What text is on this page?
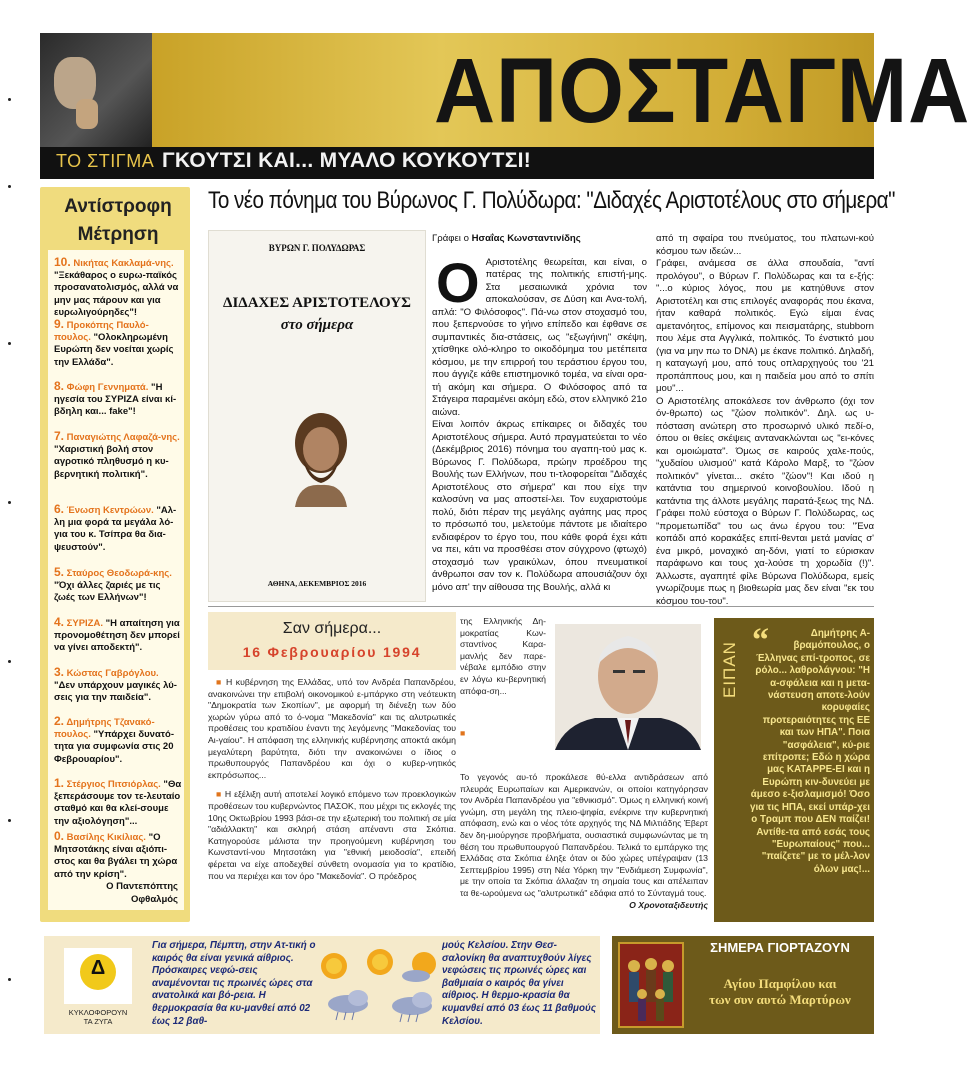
ΑΠΟΣΤΑΓΜΑ
ΤΟ ΣΤΙΓΜΑ ΓΚΟΥΤΣΙ ΚΑΙ... ΜΥΑΛΟ ΚΟΥΚΟΥΤΣΙ!
Αντίστροφη
Μέτρηση
10. Νικήτας Κακλαμά-νης. "Ξεκάθαρος ο ευρω-παϊκός προσανατολισμός, αλλά να μην μας πάρουν και για ευρωλιγούρηδες"!
9. Προκόπης Παυλό-πουλος. "Ολοκληρωμένη Ευρώπη δεν νοείται χωρίς την Ελλάδα".
8. Φώφη Γεννηματά. "Η ηγεσία του ΣΥΡΙΖΑ είναι κί-βδηλη και... fake"!
7. Παναγιώτης Λαφαζά-νης. "Χαριστική βολή στον αγροτικό πληθυσμό η κυ-βερνητική πολιτική".
6. Ένωση Κεντρώων. "Αλ-λη μια φορά τα μεγάλα λό-για του κ. Τσίπρα θα δια-ψευστούν".
5. Σταύρος Θεοδωρά-κης. "Όχι άλλες ζαριές με τις ζωές των Ελλήνων"!
4. ΣΥΡΙΖΑ. "Η απαίτηση για προνομοθέτηση δεν μπορεί να γίνει αποδεκτή".
3. Κώστας Γαβρόγλου. "Δεν υπάρχουν μαγικές λύ-σεις για την παιδεία".
2. Δημήτρης Τζανακό-πουλος. "Υπάρχει δυνατό-τητα για συμφωνία στις 20 Φεβρουαρίου".
1. Στέργιος Πιτσιόρλας. "Θα ξεπεράσουμε τον τε-λευταίο σταθμό και θα κλεί-σουμε την αξιολόγηση"...
0. Βασίλης Κικίλιας. "Ο Μητσοτάκης είναι αξιόπι-στος και θα βγάλει τη χώρα από την κρίση".
Ο Παντεπόπτης
Οφθαλμός
Το νέο πόνημα του Βύρωνος Γ. Πολύδωρα: "Διδαχές Αριστοτέλους στο σήμερα"
ΒΥΡΩΝ Γ. ΠΟΛΥΔΩΡΑΣ
ΔΙΔΑΧΕΣ ΑΡΙΣΤΟΤΕΛΟΥΣ
στο σήμερα
ΑΘΗΝΑ, ΔΕΚΕΜΒΡΙΟΣ 2016
Γράφει ο Ησαΐας Κωνσταντινίδης
Ο Αριστοτέλης θεωρείται, και είναι, ο πατέρας της πολιτικής επιστή-μης. Στα μεσαιωνικά χρόνια τον αποκαλούσαν, σε Δύση και Ανα-τολή, απλά: "Ο Φιλόσοφος". Πά-νω στον στοχασμό του, που ξεπερνούσε το γήινο επίπεδο και έφθανε σε συμπαντικές δια-στάσεις, ως "εξωγήινη" σκέψη, χτίσθηκε ολό-κληρο το οικοδόμημα του μετέπειτα κόσμου, με την επιρροή του τεράστιου έργου του, που άγγιζε κάθε επιστημονικό τομέα, να είναι ορα-τή ακόμη και σήμερα. Ο Φιλόσοφος από τα Στάγειρα παραμένει ακόμη εδώ, στον ελληνικό 21ο αιώνα.

Είναι λοιπόν άκρως επίκαιρες οι διδαχές του Αριστοτέλους σήμερα. Αυτό πραγματεύεται το νέο (Δεκέμβριος 2016) πόνημα του αγαπη-τού μας κ. Βύρωνος Γ. Πολύδωρα, πρώην προέδρου της Βουλής των Ελλήνων, που τι-τλοφορείται "Διδαχές Αριστοτέλους στο σήμερα" και που είχε την καλοσύνη να μας αποστεί-λει. Τον ευχαριστούμε πολύ, διότι πέραν της μεγάλης αγάπης μας προς το πρόσωπό του, μελετούμε πάντοτε με ιδιαίτερο ενδιαφέρον το έργο του, που κάθε φορά έχει κάτι να πει, κάτι να προσθέσει στον σύγχρονο (φτωχό) στοχασμό των γραικύλων, όπου πνευματικοί άνθρωποι σαν τον κ. Πολύδωρα απουσιάζουν όχι μόνο απ' την αίθουσα της Βουλής, αλλά κι

από τη σφαίρα του πνεύματος, του πλατωνι-κού κόσμου των ιδεών...

Γράφει, ανάμεσα σε άλλα σπουδαία, "αντί προλόγου", ο Βύρων Γ. Πολύδωρας και τα ε-ξής: "...ο κύριος λόγος, που με κατηύθυνε στον Αριστοτέλη και στις επιλογές αναφοράς που έκανα, ήταν καθαρά πολιτικός. Εγώ είμαι ένας αμετανόητος, επίμονος και πεισματάρης, stubborn που λέμε στα Αγγλικά, πολιτικός. Το ένστικτό μου (για να μην πω το DNA) με έκανε πολιτικό. Δηλαδή, η καταγωγή μου, από τους οπλαρχηγούς του '21 προπάππους μου, και η παιδεία μου από το σπίτι μου"...

Ο Αριστοτέλης αποκάλεσε τον άνθρωπο (όχι τον όν-θρωπο) ως "ζώον πολιτικόν". Δηλ. ως υ-πόσταση ανώτερη στο προσωρινό υλικό πεδί-ο, όπου οι θείες σκέψεις αντανακλώνται ως "ει-κόνες και ομοιώματα". Όμως σε καιρούς χαλε-πούς, "χυδαίου υλισμού" κατά Κάρολο Μαρξ, το "ζώον πολιτικόν" γίνεται... σκέτο "ζώον"! Και ιδού η κατάντια του σημερινού κοινοβουλίου. Ιδού η κατάντια της άλλοτε μεγάλης παρατά-ξεως της ΝΔ. Γράφει πολύ εύστοχα ο Βύρων Γ. Πολύδωρας, ως "προμετωπίδα" του ως άνω έργου του: "Ένα κοπάδι από κορακάξες επιτί-θενται μετά μανίας σ' ένα μικρό, μοναχικό αη-δόνι, γιατί το εύρισκαν παράφωνο και τους χα-λούσε τη χορωδία (!)". Άλλωστε, αγαπητέ φίλε Βύρωνα Πολύδωρα, εμείς γνωρίζουμε πως η βιοθεωρία μας δεν είναι "εκ του κόσμου του-του".

Σαν σήμερα...
16 Φεβρουαρίου 1994

■ Η κυβέρνηση της Ελλάδας, υπό τον Ανδρέα Παπανδρέου, ανακοινώνει την επιβολή οικονομικού ε-μπάργκο στη νεότευκτη "Δημοκρατία των Σκοπίων", με αφορμή τη διένεξη των δύο χωρών γύρω από το ό-νομα "Μακεδονία" και τις αλυτρωτικές προθέσεις του κρατιδίου έναντι της λεγόμενης "Μακεδονίας του Αι-γαίου". Η απόφαση της ελληνικής κυβέρνησης αποκτά ακόμη μεγαλύτερη βαρύτητα, διότι την ανακοινώνει ο ίδιος ο πρωθυπουργός Παπανδρέου και όχι ο κυβερ-νητικός εκπρόσωπος...

■ Η εξέλιξη αυτή αποτελεί λογικό επόμενο των προεκλογικών προθέσεων του κυβερνώντος ΠΑΣΟΚ, που μέχρι τις εκλογές της 10ης Οκτωβρίου 1993 βάσι-σε την εξωτερική του πολιτική σε μία "αδιάλλακτη" και σκληρή στάση απέναντι στα Σκόπια. Κατηγορούσε μάλιστα την προηγούμενη κυβέρνηση του Κωνσταντί-νου Μητσοτάκη για "εθνική μειοδοσία", επειδή φέρεται να είχε αποδεχθεί σύνθετη ονομασία για το κρατίδιο, που να περιέχει και τον όρο "Μακεδονία". Ο πρόεδρος

της Ελληνικής Δη-μοκρατίας Κων-σταντίνος Καρα-μανλής δεν παρε-νέβαλε εμπόδιο στην εν λόγω κυ-βερνητική απόφα-ση...

■

Το γεγονός αυ-τό προκάλεσε θύ-ελλα αντιδράσεων από πλευράς Ευρωπαίων και Αμερικανών, οι οποίοι κατηγόρησαν τον Ανδρέα Παπανδρέου για "εθνικισμό". Όμως η ελληνική κοινή γνώμη, στη μεγάλη της πλειο-ψηφία, ενέκρινε την κυβερνητική απόφαση, ενώ και ο νέος τότε αρχηγός της ΝΔ Μιλτιάδης Έβερτ δεν δη-μιούργησε προβλήματα, ουσιαστικά συμφωνώντας με τη θέση του πρωθυπουργού Παπανδρέου. Τελικά το εμπάργκο της Ελλάδας στα Σκόπια έληξε όταν οι δύο χώρες υπέγραψαν (13 Σεπτεμβρίου 1995) στη Νέα Υόρκη την "Ενδιάμεση Συμφωνία", με την οποία τα Σκόπια άλλαζαν τη σημαία τους και απέλειπαν τα θε-ωρούμενα ως "αλυτρωτικά" εδάφια από το Σύνταγμά τους.

Ο Χρονοταξιδευτής

ΕΙΠΑΝ
“	Δημήτρης Α-βραμόπουλος, ο Έλληνας επί-τροπος, σε ρόλο... λαθρολάγνου: "Η α-σφάλεια και η μετα-νάστευση αποτε-λούν κορυφαίες προτεραιότητες της ΕΕ και των ΗΠΑ". Ποια "ασφάλεια", κύ-ριε επίτροπε; Εδώ η χώρα μας ΚΑΤΑΡΡΕ-ΕΙ και η Ευρώπη κιν-δυνεύει με άμεσο ε-ξισλαμισμό! Όσο για τις ΗΠΑ, εκεί υπάρ-χει ο Τραμπ που ΔΕΝ παίζει! Αντίθε-τα από εσάς τους "Ευρωπαίους" που... "παίζετε" με το μέλ-λον όλων μας!...
Δ
ΚΥΚΛΟΦΟΡΟΥΝ ΤΑ ΖΥΓΑ
Για σήμερα, Πέμπτη, στην Ατ-τική ο καιρός θα είναι γενικά αίθριος. Πρόσκαιρες νεφώ-σεις αναμένονται τις πρωινές ώρες στα ανατολικά και βό-ρεια. Η θερμοκρασία θα κυ-μανθεί από 02 έως 12 βαθ-
μούς Κελσίου. Στην Θεσ-σαλονίκη θα αναπτυχθούν λίγες νεφώσεις τις πρωινές ώρες και βαθμιαία ο καιρός θα γίνει αίθριος. Η θερμο-κρασία θα κυμανθεί από 03 έως 11 βαθμούς Κελσίου.
ΣΗΜΕΡΑ ΓΙΟΡΤΑΖΟΥΝ
Αγίου Παμφίλου και
των συν αυτώ Μαρτύρων
